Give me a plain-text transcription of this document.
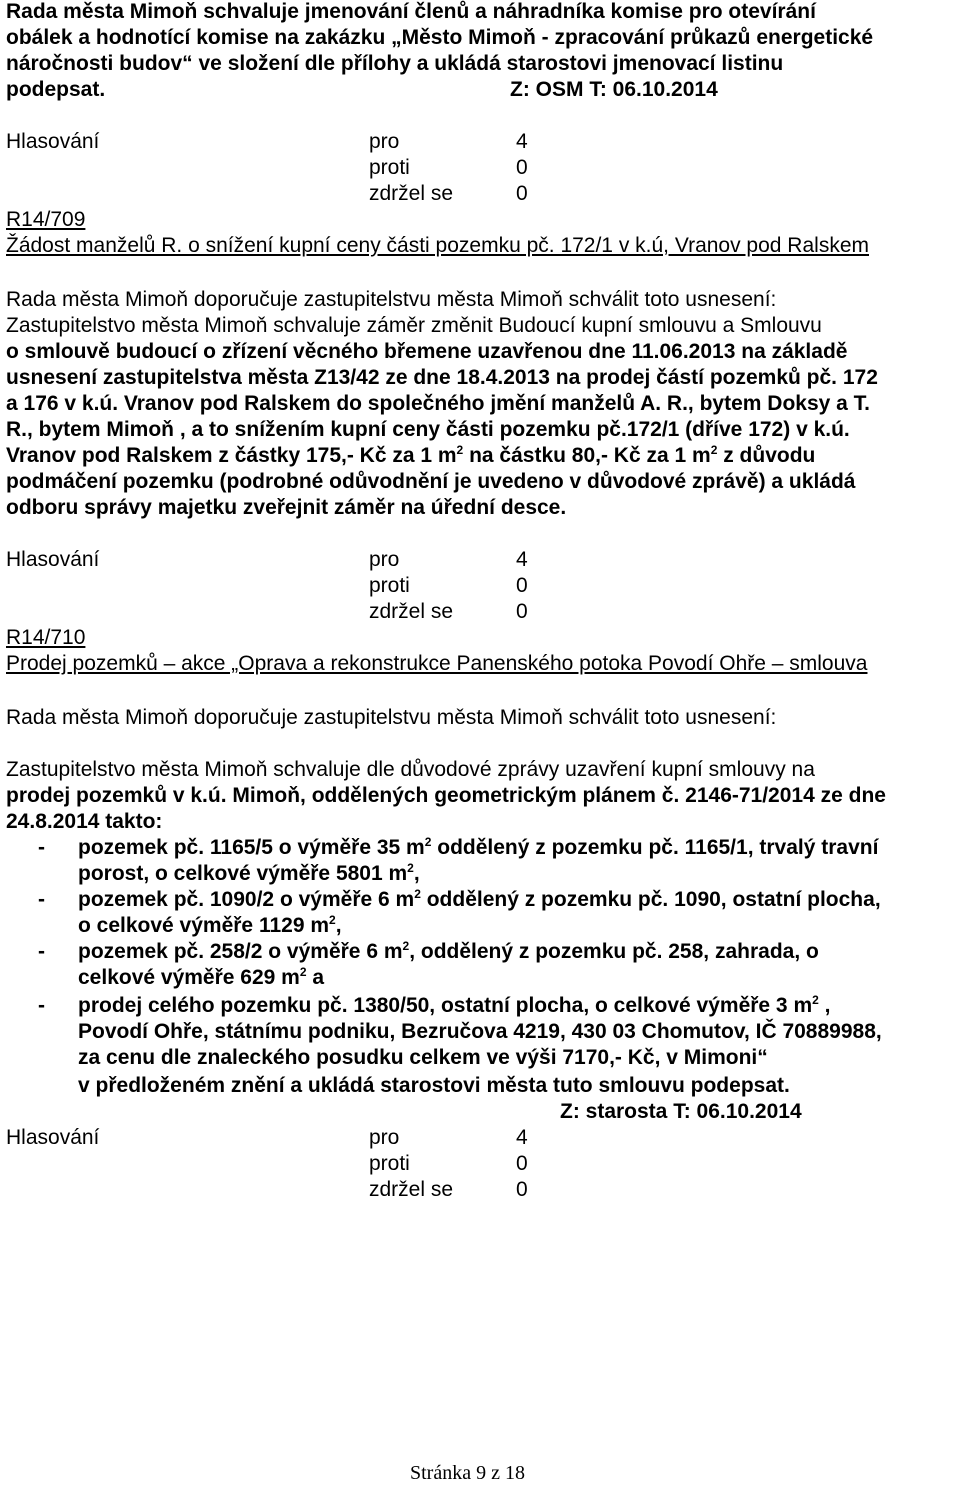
Rada města Mimoň schvaluje jmenování členů a náhradníka komise pro otevírání
obálek a hodnotící komise na zakázku „Město Mimoň - zpracování průkazů energetické
náročnosti budov“ ve složení dle přílohy a ukládá starostovi jmenovací listinu
podepsat.	Z: OSM T: 06.10.2014
Hlasování	pro	4
proti	0
zdržel se	0
R14/709
Žádost manželů R. o snížení kupní ceny části pozemku pč. 172/1 v k.ú, Vranov pod Ralskem
Rada města Mimoň doporučuje zastupitelstvu města Mimoň schválit toto usnesení:
Zastupitelstvo města Mimoň schvaluje záměr změnit Budoucí kupní smlouvu a Smlouvu
o smlouvě budoucí o zřízení věcného břemene uzavřenou dne 11.06.2013 na základě
usnesení zastupitelstva města Z13/42 ze dne 18.4.2013 na prodej částí pozemků pč. 172
a 176 v k.ú. Vranov pod Ralskem do společného jmění manželů A. R., bytem Doksy a T.
R., bytem Mimoň , a to snížením kupní ceny části pozemku pč.172/1 (dříve 172) v k.ú.
Vranov pod Ralskem z částky 175,- Kč za 1 $m^2$ na částku 80,- Kč za 1 $m^2$ z důvodu
podmáčení pozemku (podrobné odůvodnění je uvedeno v důvodové zprávě) a ukládá
odboru správy majetku zveřejnit záměr na úřední desce.
Hlasování	pro	4
proti	0
zdržel se	0
R14/710
Prodej pozemků – akce „Oprava a rekonstrukce Panenského potoka Povodí Ohře – smlouva
Rada města Mimoň doporučuje zastupitelstvu města Mimoň schválit toto usnesení:
Zastupitelstvo města Mimoň schvaluje dle důvodové zprávy uzavření kupní smlouvy na
prodej pozemků v k.ú. Mimoň, oddělených geometrickým plánem č. 2146-71/2014 ze dne
24.8.2014 takto:
- pozemek pč. 1165/5 o výměře 35 $m^2$ oddělený z pozemku pč. 1165/1, trvalý travní
porost, o celkové výměře 5801 $m^2$,
- pozemek pč. 1090/2 o výměře 6 $m^2$ oddělený z pozemku pč. 1090, ostatní plocha,
o celkové výměře 1129 $m^2$,
- pozemek pč. 258/2 o výměře 6 $m^2$, oddělený z pozemku pč. 258, zahrada, o
celkové výměře 629 $m^2$ a
- prodej celého pozemku pč. 1380/50, ostatní plocha, o celkové výměře 3 $m^2$ ,
Povodí Ohře, státnímu podniku, Bezručova 4219, 430 03 Chomutov, IČ 70889988,
za cenu dle znaleckého posudku celkem ve výši 7170,- Kč, v Mimoni“
v předloženém znění a ukládá starostovi města tuto smlouvu podepsat.
Z: starosta T: 06.10.2014
Hlasování	pro	4
proti	0
zdržel se	0
Stránka 9 z 18
